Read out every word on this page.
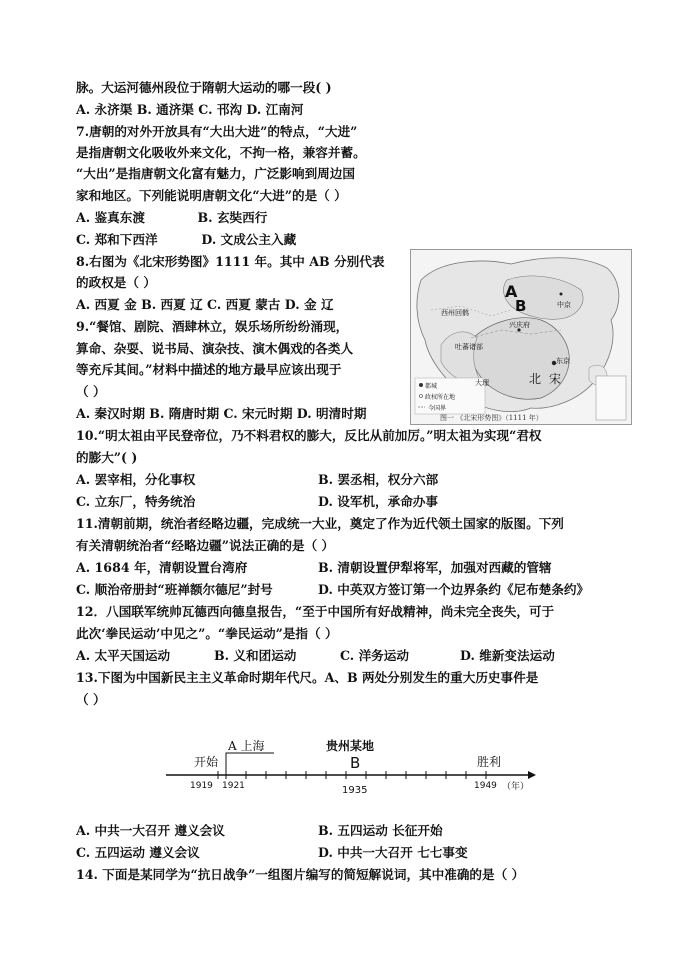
脉。大运河德州段位于隋朝大运动的哪一段( )
A. 永济渠 B. 通济渠 C. 邗沟 D. 江南河
7.唐朝的对外开放具有“大出大进”的特点，“大进”
是指唐朝文化吸收外来文化，不拘一格，兼容并蓄。
“大出”是指唐朝文化富有魅力，广泛影响到周边国
家和地区。下列能说明唐朝文化“大进”的是（ ）
A. 鉴真东渡            B. 玄奘西行
C. 郑和下西洋          D. 文成公主入藏
8.右图为《北宋形势图》1111 年。其中 AB 分别代表
的政权是（ ）
A. 西夏 金 B. 西夏 辽 C. 西夏 蒙古 D. 金 辽
9.“餐馆、剧院、酒肆林立，娱乐场所纷纷涌现，
算命、杂耍、说书局、演杂技、演木偶戏的各类人
等充斥其间。”材料中描述的地方最早应该出现于
（ ）
A. 秦汉时期 B. 隋唐时期 C. 宋元时期 D. 明清时期
A
B
西州回鹘
吐蕃诸部
大理	北宋
兴庆府
东京
中京
都城
政权所在地
今国界
图一 《北宋形势图》（1111 年）
10.“明太祖由平民登帝位，乃不料君权的膨大，反比从前加厉。”明太祖为实现“君权
的膨大”( )
A. 罢宰相，分化事权	B. 罢丞相，权分六部
C. 立东厂，特务统治	D. 设军机，承命办事
11.清朝前期，统治者经略边疆，完成统一大业，奠定了作为近代领土国家的版图。下列
有关清朝统治者“经略边疆”说法正确的是（ ）
A. 1684 年，清朝设置台湾府	B. 清朝设置伊犁将军，加强对西藏的管辖
C. 顺治帝册封“班禅额尔德尼”封号	D. 中英双方签订第一个边界条约《尼布楚条约》
12．八国联军统帅瓦德西向德皇报告，“至于中国所有好战精神，尚未完全丧失，可于
此次‘拳民运动’中见之”。“拳民运动”是指（ ）
A. 太平天国运动	B. 义和团运动	C. 洋务运动	D. 维新变法运动
13.下图为中国新民主主义革命时期年代尺。A、B 两处分别发生的重大历史事件是
（ ）
开始
A 上海	贵州某地
B	胜利
1919 1921	1935	1949 （年）
A. 中共一大召开 遵义会议	B. 五四运动 长征开始
C. 五四运动 遵义会议	D. 中共一大召开 七七事变
14. 下面是某同学为“抗日战争”一组图片编写的简短解说词，其中准确的是（ ）
